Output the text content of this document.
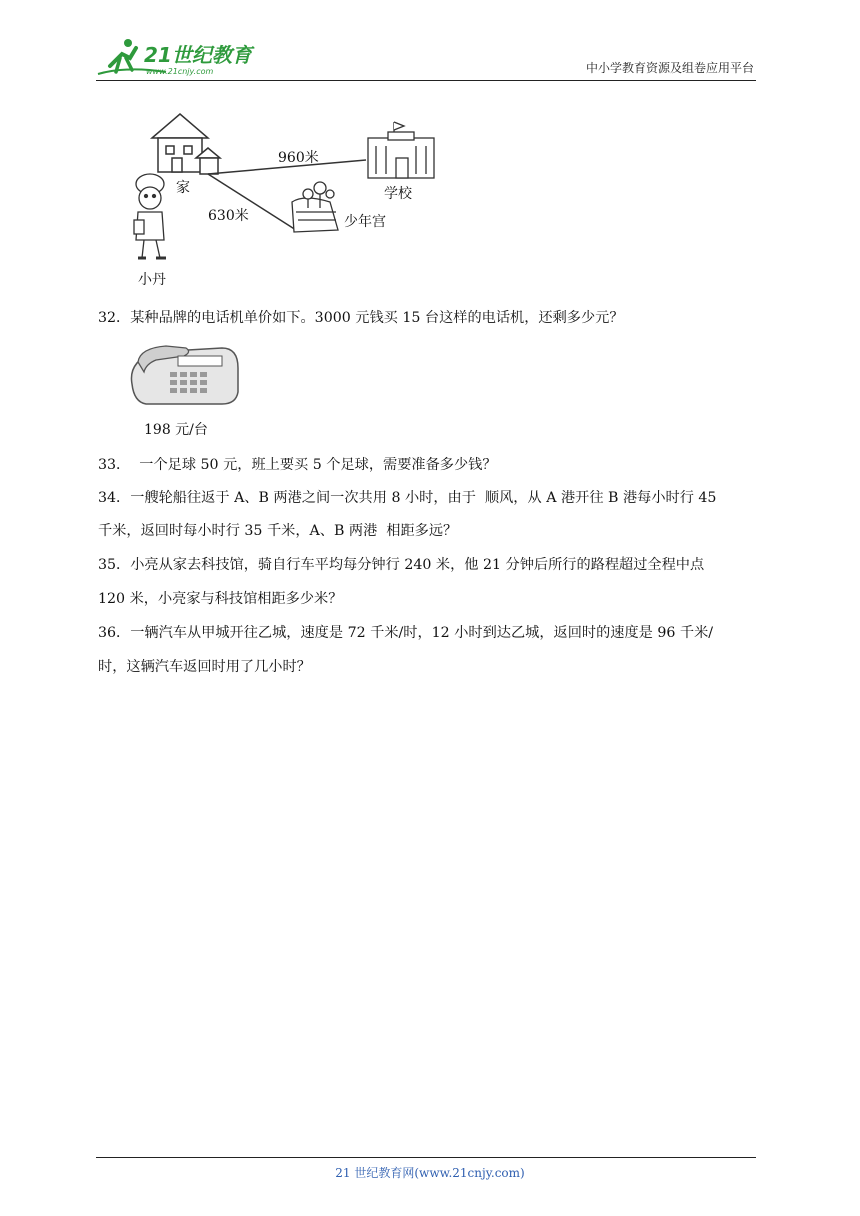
21世纪教育
www.21cnjy.com	中小学教育资源及组卷应用平台
960米
630米
家	学校
少年宫
小丹
32．某种品牌的电话机单价如下。3000 元钱买 15 台这样的电话机，还剩多少元？
198 元/台
33．  一个足球 50 元，班上要买 5 个足球，需要准备多少钱？
34．一艘轮船往返于 A、B 两港之间一次共用 8 小时，由于  顺风，从 A 港开往 B 港每小时行 45
千米，返回时每小时行 35 千米，A、B 两港  相距多远？
35．小亮从家去科技馆，骑自行车平均每分钟行 240 米，他 21 分钟后所行的路程超过全程中点
120 米，小亮家与科技馆相距多少米？
36．一辆汽车从甲城开往乙城，速度是 72 千米/时，12 小时到达乙城，返回时的速度是 96 千米/
时，这辆汽车返回时用了几小时？
21 世纪教育网(www.21cnjy.com)
